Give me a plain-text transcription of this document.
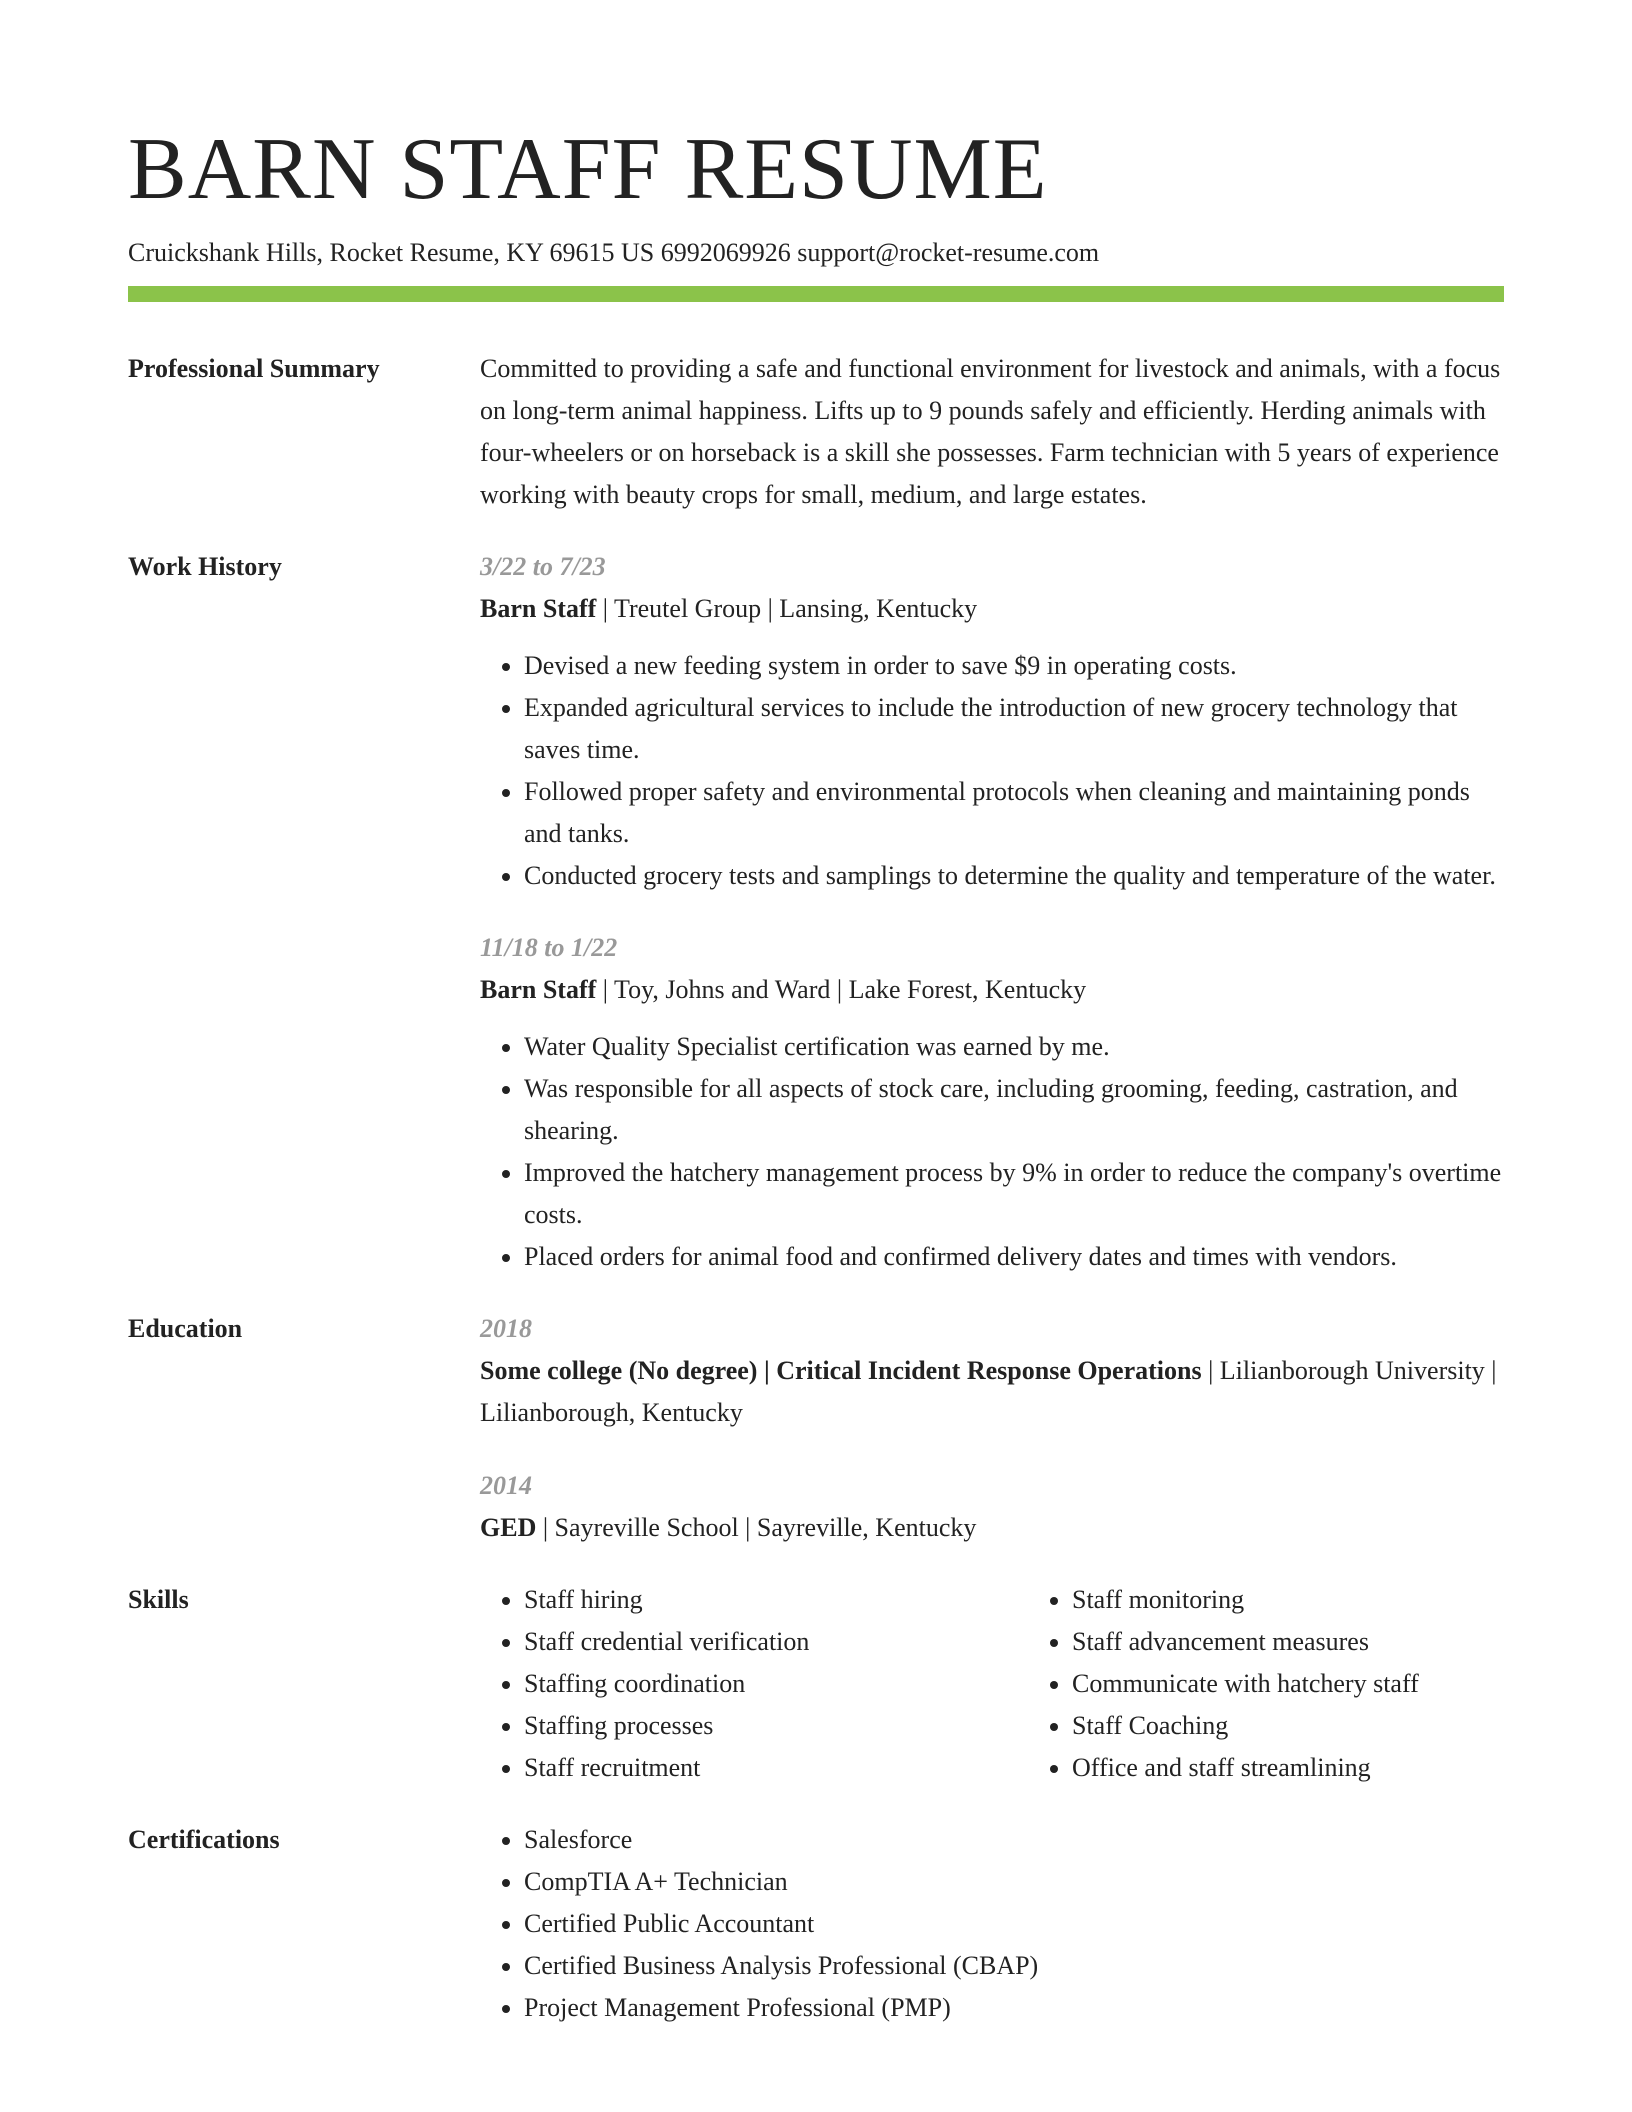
BARN STAFF RESUME
Cruickshank Hills, Rocket Resume, KY 69615 US 6992069926 support@rocket-resume.com
Professional Summary	Committed to providing a safe and functional environment for livestock and animals, with a focus on long-term animal happiness. Lifts up to 9 pounds safely and efficiently. Herding animals with four-wheelers or on horseback is a skill she possesses. Farm technician with 5 years of experience working with beauty crops for small, medium, and large estates.
Work History	3/22 to 7/23
Barn Staff | Treutel Group | Lansing, Kentucky
• Devised a new feeding system in order to save $9 in operating costs.
• Expanded agricultural services to include the introduction of new grocery technology that saves time.
• Followed proper safety and environmental protocols when cleaning and maintaining ponds and tanks.
• Conducted grocery tests and samplings to determine the quality and temperature of the water.
11/18 to 1/22
Barn Staff | Toy, Johns and Ward | Lake Forest, Kentucky
• Water Quality Specialist certification was earned by me.
• Was responsible for all aspects of stock care, including grooming, feeding, castration, and shearing.
• Improved the hatchery management process by 9% in order to reduce the company's overtime costs.
• Placed orders for animal food and confirmed delivery dates and times with vendors.
Education	2018
Some college (No degree) | Critical Incident Response Operations | Lilianborough University | Lilianborough, Kentucky
2014
GED | Sayreville School | Sayreville, Kentucky
Skills	• Staff hiring
• Staff credential verification
• Staffing coordination
• Staffing processes
• Staff recruitment
• Staff monitoring
• Staff advancement measures
• Communicate with hatchery staff
• Staff Coaching
• Office and staff streamlining
Certifications	• Salesforce
• CompTIA A+ Technician
• Certified Public Accountant
• Certified Business Analysis Professional (CBAP)
• Project Management Professional (PMP)
